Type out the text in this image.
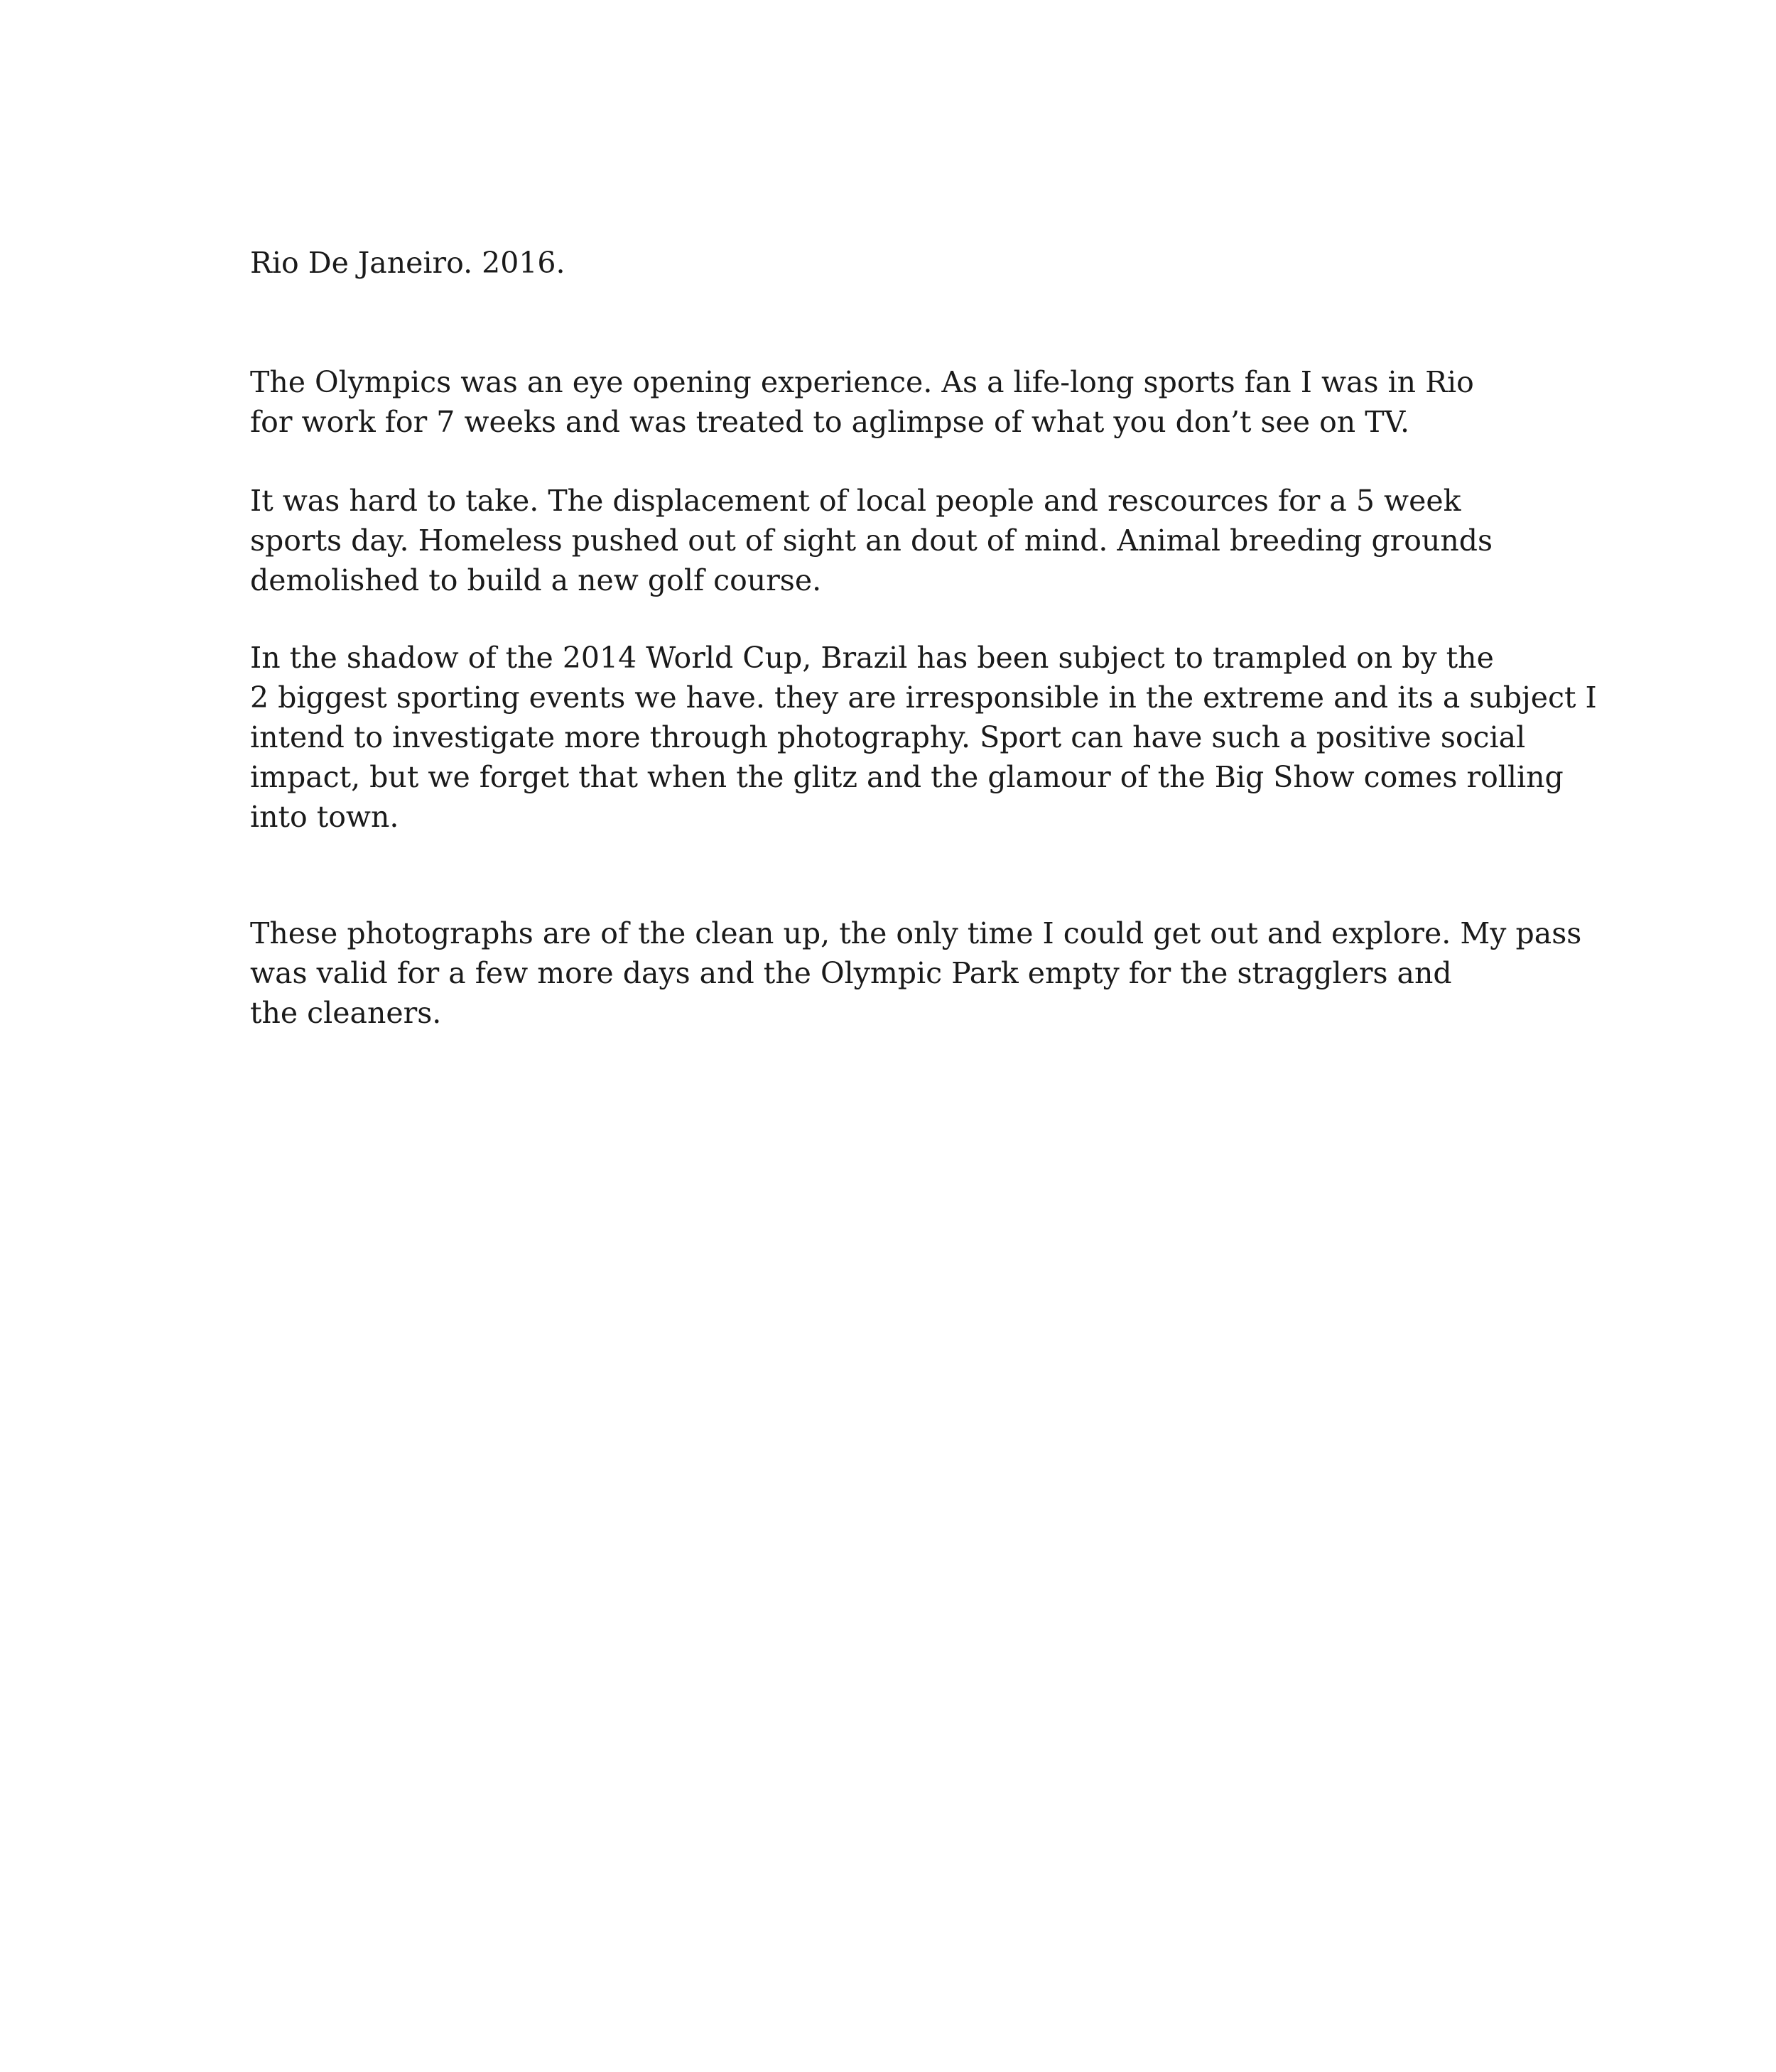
Rio De Janeiro. 2016.
The Olympics was an eye opening experience. As a life-long sports fan I was in Rio
for work for 7 weeks and was treated to aglimpse of what you don’t see on TV.
It was hard to take. The displacement of local people and rescources for a 5 week
sports day. Homeless pushed out of sight an dout of mind. Animal breeding grounds
demolished to build a new golf course.
In the shadow of the 2014 World Cup, Brazil has been subject to trampled on by the
2 biggest sporting events we have. they are irresponsible in the extreme and its a subject I
intend to investigate more through photography. Sport can have such a positive social
impact, but we forget that when the glitz and the glamour of the Big Show comes rolling
into town.
These photographs are of the clean up, the only time I could get out and explore. My pass
was valid for a few more days and the Olympic Park empty for the stragglers and
the cleaners.
